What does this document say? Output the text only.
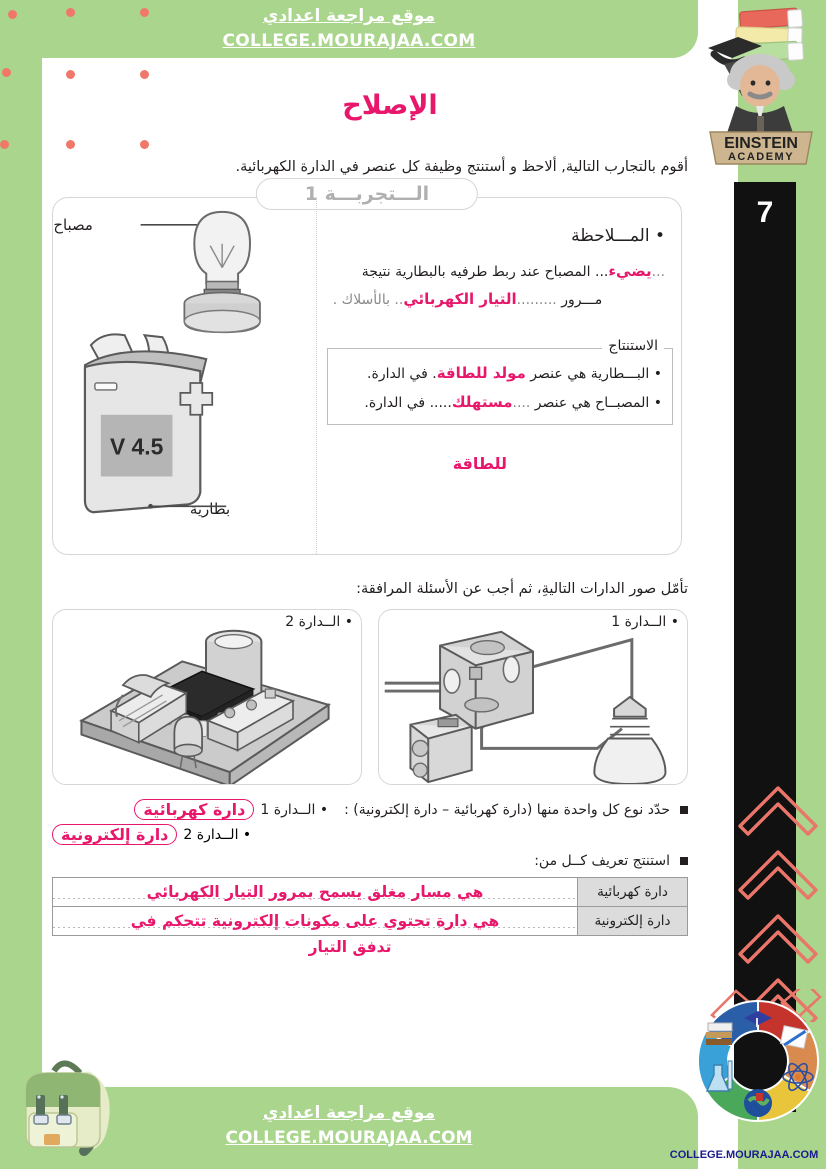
موقع مراجعة اعدادي
COLLEGE.MOURAJAA.COM
7
EINSTEIN
ACADEMY
موقع مراجعة اعدادي
COLLEGE.MOURAJAA.COM
COLLEGE.MOURAJAA.COM
الإصلاح
أقوم بالتجارب التالية, ألاحظ و أستنتج وظيفة كل عنصر في الدارة الكهربائية.
الـــتجربـــة 1
• المـــلاحظة
...يضيء... المصباح عند ربط طرفيه بالبطارية نتيجة
مـــرور .........التيار الكهربائي.. بالأسلاك .
الاستنتاج
• البـــطارية هي عنصر مولد للطاقة. في الدارة.
• المصبــاح هي عنصر ....مستهلك..... في الدارة.
للطاقة
مصباح
4.5 V
بطارية
تأمّل صور الدارات التاليةِ، ثم أجب عن الأسئلة المرافقة:
• الــدارة 1
• الــدارة 2
حدّد نوع كل واحدة منها (دارة كهربائية – دارة إلكترونية) :
• الــدارة 1
دارة كهربائية
• الــدارة 2
دارة إلكترونية
استنتج تعريف كــل من:
دارة كهربائية	هي مسار مغلق يسمح بمرور التيار الكهربائي
دارة إلكترونية	هي دارة تحتوي على مكونات إلكترونية تتحكم في
تدفق التيار
